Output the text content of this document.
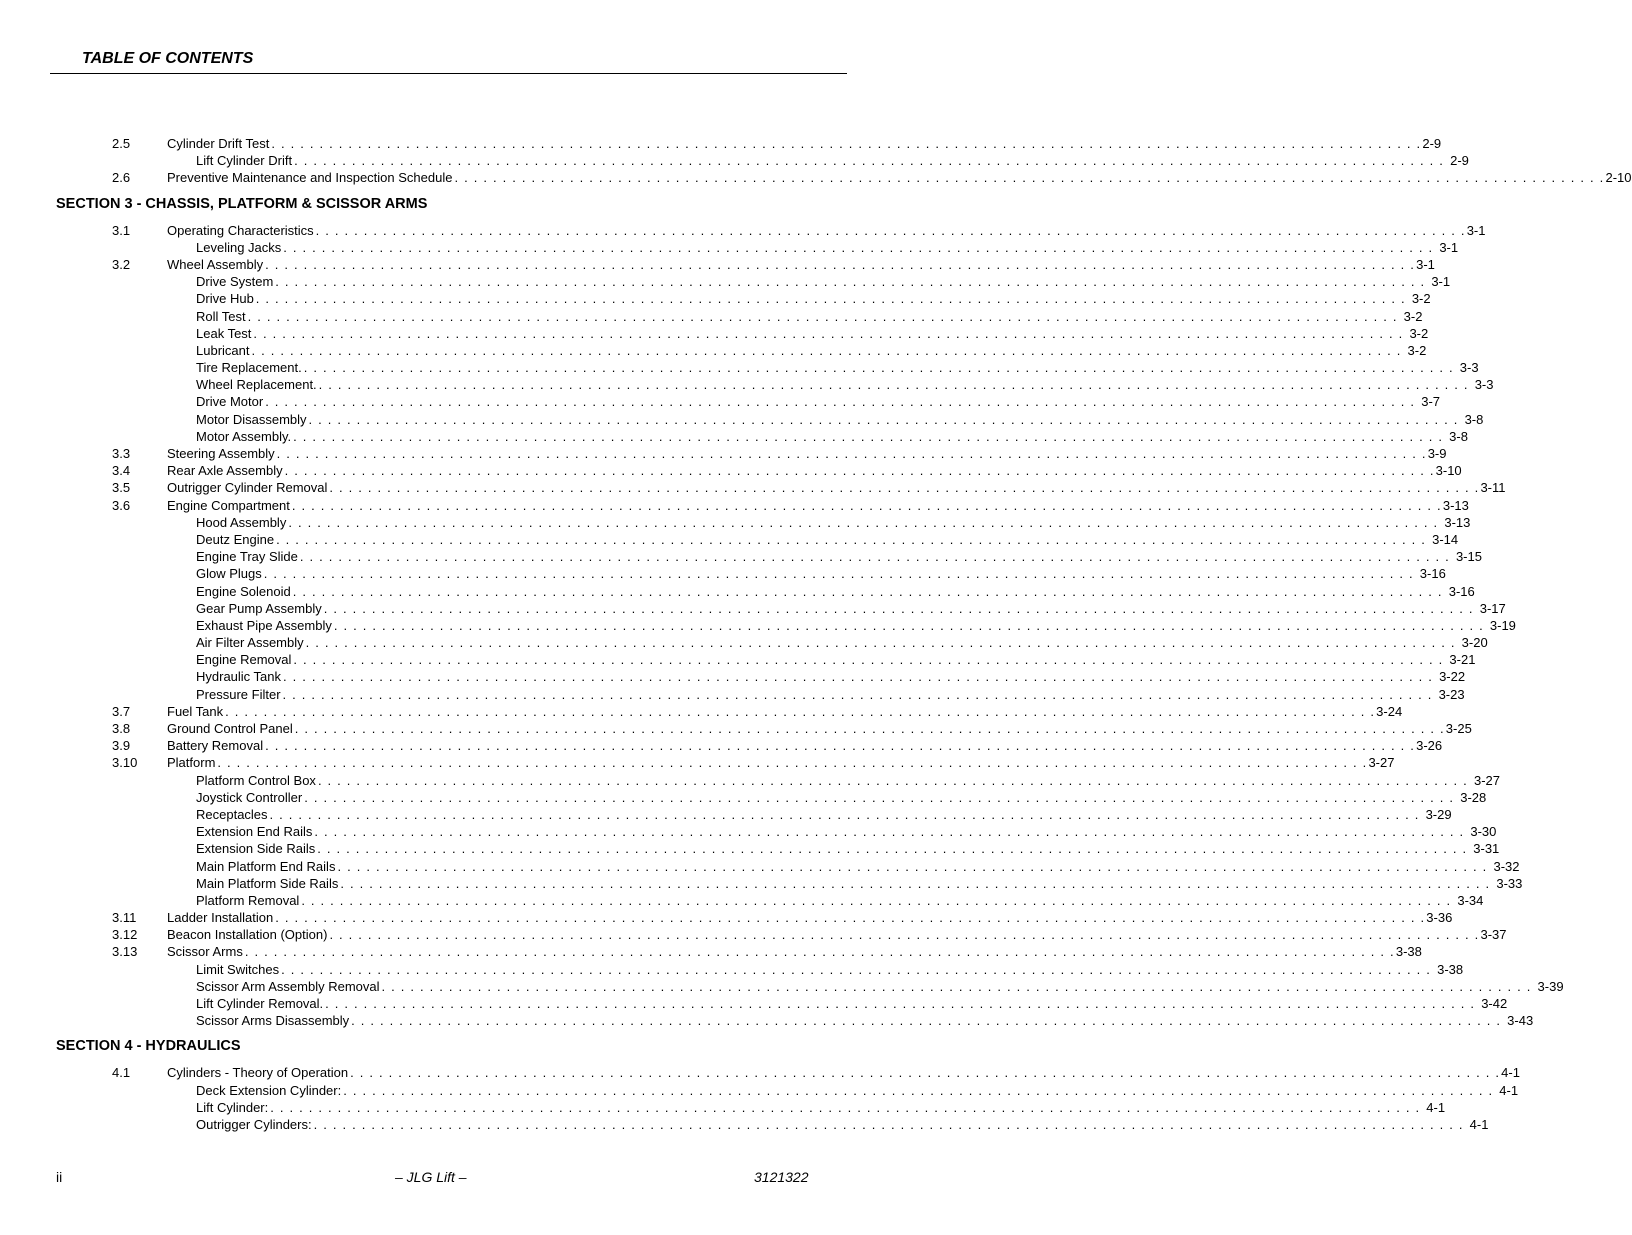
TABLE OF CONTENTS
2.5	Cylinder Drift Test . . . . . . . . . . . . . . . . . . . . . . . . . . . . . . . . . . . . . . . . . . . . . . . . . . . . . . . . . . . . . . . . . . . . . . . . . . . . . . . . . . . . . . . . . . . . . . . . . . . . . . . . . . . . . . . . . . . . . . . . 2-9
Lift Cylinder Drift . . . . . . . . . . . . . . . . . . . . . . . . . . . . . . . . . . . . . . . . . . . . . . . . . . . . . . . . . . . . . . . . . . . . . . . . . . . . . . . . . . . . . . . . . . . . . . . . . . . . . . . . . . . . . . . . . . . . . . . . 2-9
2.6	Preventive Maintenance and Inspection Schedule . . . . . . . . . . . . . . . . . . . . . . . . . . . . . . . . . . . . . . . . . . . . . . . . . . . . . . . . . . . . . . . . . . . . . . . . . . . . . . . . . . . . . . . . . . . . . . . . . . . . . . . . . . . . . . . . . . . . . . . . 2-10
SECTION 3 - CHASSIS, PLATFORM & SCISSOR ARMS
3.1	Operating Characteristics . . . . . . . . . . . . . . . . . . . . . . . . . . . . . . . . . . . . . . . . . . . . . . . . . . . . . . . . . . . . . . . . . . . . . . . . . . . . . . . . . . . . . . . . . . . . . . . . . . . . . . . . . . . . . . . . . . . . . . . . 3-1
Leveling Jacks . . . . . . . . . . . . . . . . . . . . . . . . . . . . . . . . . . . . . . . . . . . . . . . . . . . . . . . . . . . . . . . . . . . . . . . . . . . . . . . . . . . . . . . . . . . . . . . . . . . . . . . . . . . . . . . . . . . . . . . . 3-1
3.2	Wheel Assembly . . . . . . . . . . . . . . . . . . . . . . . . . . . . . . . . . . . . . . . . . . . . . . . . . . . . . . . . . . . . . . . . . . . . . . . . . . . . . . . . . . . . . . . . . . . . . . . . . . . . . . . . . . . . . . . . . . . . . . . . 3-1
Drive System . . . . . . . . . . . . . . . . . . . . . . . . . . . . . . . . . . . . . . . . . . . . . . . . . . . . . . . . . . . . . . . . . . . . . . . . . . . . . . . . . . . . . . . . . . . . . . . . . . . . . . . . . . . . . . . . . . . . . . . . 3-1
Drive Hub . . . . . . . . . . . . . . . . . . . . . . . . . . . . . . . . . . . . . . . . . . . . . . . . . . . . . . . . . . . . . . . . . . . . . . . . . . . . . . . . . . . . . . . . . . . . . . . . . . . . . . . . . . . . . . . . . . . . . . . . 3-2
Roll Test . . . . . . . . . . . . . . . . . . . . . . . . . . . . . . . . . . . . . . . . . . . . . . . . . . . . . . . . . . . . . . . . . . . . . . . . . . . . . . . . . . . . . . . . . . . . . . . . . . . . . . . . . . . . . . . . . . . . . . . . 3-2
Leak Test . . . . . . . . . . . . . . . . . . . . . . . . . . . . . . . . . . . . . . . . . . . . . . . . . . . . . . . . . . . . . . . . . . . . . . . . . . . . . . . . . . . . . . . . . . . . . . . . . . . . . . . . . . . . . . . . . . . . . . . . 3-2
Lubricant . . . . . . . . . . . . . . . . . . . . . . . . . . . . . . . . . . . . . . . . . . . . . . . . . . . . . . . . . . . . . . . . . . . . . . . . . . . . . . . . . . . . . . . . . . . . . . . . . . . . . . . . . . . . . . . . . . . . . . . . 3-2
Tire Replacement. . . . . . . . . . . . . . . . . . . . . . . . . . . . . . . . . . . . . . . . . . . . . . . . . . . . . . . . . . . . . . . . . . . . . . . . . . . . . . . . . . . . . . . . . . . . . . . . . . . . . . . . . . . . . . . . . . . . . . . . . 3-3
Wheel Replacement. . . . . . . . . . . . . . . . . . . . . . . . . . . . . . . . . . . . . . . . . . . . . . . . . . . . . . . . . . . . . . . . . . . . . . . . . . . . . . . . . . . . . . . . . . . . . . . . . . . . . . . . . . . . . . . . . . . . . . . . . 3-3
Drive Motor . . . . . . . . . . . . . . . . . . . . . . . . . . . . . . . . . . . . . . . . . . . . . . . . . . . . . . . . . . . . . . . . . . . . . . . . . . . . . . . . . . . . . . . . . . . . . . . . . . . . . . . . . . . . . . . . . . . . . . . . 3-7
Motor Disassembly . . . . . . . . . . . . . . . . . . . . . . . . . . . . . . . . . . . . . . . . . . . . . . . . . . . . . . . . . . . . . . . . . . . . . . . . . . . . . . . . . . . . . . . . . . . . . . . . . . . . . . . . . . . . . . . . . . . . . . . . 3-8
Motor Assembly. . . . . . . . . . . . . . . . . . . . . . . . . . . . . . . . . . . . . . . . . . . . . . . . . . . . . . . . . . . . . . . . . . . . . . . . . . . . . . . . . . . . . . . . . . . . . . . . . . . . . . . . . . . . . . . . . . . . . . . . . 3-8
3.3	Steering Assembly . . . . . . . . . . . . . . . . . . . . . . . . . . . . . . . . . . . . . . . . . . . . . . . . . . . . . . . . . . . . . . . . . . . . . . . . . . . . . . . . . . . . . . . . . . . . . . . . . . . . . . . . . . . . . . . . . . . . . . . . 3-9
3.4	Rear Axle Assembly . . . . . . . . . . . . . . . . . . . . . . . . . . . . . . . . . . . . . . . . . . . . . . . . . . . . . . . . . . . . . . . . . . . . . . . . . . . . . . . . . . . . . . . . . . . . . . . . . . . . . . . . . . . . . . . . . . . . . . . . 3-10
3.5	Outrigger Cylinder Removal . . . . . . . . . . . . . . . . . . . . . . . . . . . . . . . . . . . . . . . . . . . . . . . . . . . . . . . . . . . . . . . . . . . . . . . . . . . . . . . . . . . . . . . . . . . . . . . . . . . . . . . . . . . . . . . . . . . . . . . . 3-11
3.6	Engine Compartment . . . . . . . . . . . . . . . . . . . . . . . . . . . . . . . . . . . . . . . . . . . . . . . . . . . . . . . . . . . . . . . . . . . . . . . . . . . . . . . . . . . . . . . . . . . . . . . . . . . . . . . . . . . . . . . . . . . . . . . . 3-13
Hood Assembly . . . . . . . . . . . . . . . . . . . . . . . . . . . . . . . . . . . . . . . . . . . . . . . . . . . . . . . . . . . . . . . . . . . . . . . . . . . . . . . . . . . . . . . . . . . . . . . . . . . . . . . . . . . . . . . . . . . . . . . . 3-13
Deutz Engine . . . . . . . . . . . . . . . . . . . . . . . . . . . . . . . . . . . . . . . . . . . . . . . . . . . . . . . . . . . . . . . . . . . . . . . . . . . . . . . . . . . . . . . . . . . . . . . . . . . . . . . . . . . . . . . . . . . . . . . . 3-14
Engine Tray Slide . . . . . . . . . . . . . . . . . . . . . . . . . . . . . . . . . . . . . . . . . . . . . . . . . . . . . . . . . . . . . . . . . . . . . . . . . . . . . . . . . . . . . . . . . . . . . . . . . . . . . . . . . . . . . . . . . . . . . . . . 3-15
Glow Plugs . . . . . . . . . . . . . . . . . . . . . . . . . . . . . . . . . . . . . . . . . . . . . . . . . . . . . . . . . . . . . . . . . . . . . . . . . . . . . . . . . . . . . . . . . . . . . . . . . . . . . . . . . . . . . . . . . . . . . . . . 3-16
Engine Solenoid . . . . . . . . . . . . . . . . . . . . . . . . . . . . . . . . . . . . . . . . . . . . . . . . . . . . . . . . . . . . . . . . . . . . . . . . . . . . . . . . . . . . . . . . . . . . . . . . . . . . . . . . . . . . . . . . . . . . . . . . 3-16
Gear Pump Assembly . . . . . . . . . . . . . . . . . . . . . . . . . . . . . . . . . . . . . . . . . . . . . . . . . . . . . . . . . . . . . . . . . . . . . . . . . . . . . . . . . . . . . . . . . . . . . . . . . . . . . . . . . . . . . . . . . . . . . . . . 3-17
Exhaust Pipe Assembly . . . . . . . . . . . . . . . . . . . . . . . . . . . . . . . . . . . . . . . . . . . . . . . . . . . . . . . . . . . . . . . . . . . . . . . . . . . . . . . . . . . . . . . . . . . . . . . . . . . . . . . . . . . . . . . . . . . . . . . . 3-19
Air Filter Assembly . . . . . . . . . . . . . . . . . . . . . . . . . . . . . . . . . . . . . . . . . . . . . . . . . . . . . . . . . . . . . . . . . . . . . . . . . . . . . . . . . . . . . . . . . . . . . . . . . . . . . . . . . . . . . . . . . . . . . . . . 3-20
Engine Removal . . . . . . . . . . . . . . . . . . . . . . . . . . . . . . . . . . . . . . . . . . . . . . . . . . . . . . . . . . . . . . . . . . . . . . . . . . . . . . . . . . . . . . . . . . . . . . . . . . . . . . . . . . . . . . . . . . . . . . . . 3-21
Hydraulic Tank . . . . . . . . . . . . . . . . . . . . . . . . . . . . . . . . . . . . . . . . . . . . . . . . . . . . . . . . . . . . . . . . . . . . . . . . . . . . . . . . . . . . . . . . . . . . . . . . . . . . . . . . . . . . . . . . . . . . . . . . 3-22
Pressure Filter . . . . . . . . . . . . . . . . . . . . . . . . . . . . . . . . . . . . . . . . . . . . . . . . . . . . . . . . . . . . . . . . . . . . . . . . . . . . . . . . . . . . . . . . . . . . . . . . . . . . . . . . . . . . . . . . . . . . . . . . 3-23
3.7	Fuel Tank . . . . . . . . . . . . . . . . . . . . . . . . . . . . . . . . . . . . . . . . . . . . . . . . . . . . . . . . . . . . . . . . . . . . . . . . . . . . . . . . . . . . . . . . . . . . . . . . . . . . . . . . . . . . . . . . . . . . . . . . 3-24
3.8	Ground Control Panel . . . . . . . . . . . . . . . . . . . . . . . . . . . . . . . . . . . . . . . . . . . . . . . . . . . . . . . . . . . . . . . . . . . . . . . . . . . . . . . . . . . . . . . . . . . . . . . . . . . . . . . . . . . . . . . . . . . . . . . . 3-25
3.9	Battery Removal . . . . . . . . . . . . . . . . . . . . . . . . . . . . . . . . . . . . . . . . . . . . . . . . . . . . . . . . . . . . . . . . . . . . . . . . . . . . . . . . . . . . . . . . . . . . . . . . . . . . . . . . . . . . . . . . . . . . . . . . 3-26
3.10 Platform . . . . . . . . . . . . . . . . . . . . . . . . . . . . . . . . . . . . . . . . . . . . . . . . . . . . . . . . . . . . . . . . . . . . . . . . . . . . . . . . . . . . . . . . . . . . . . . . . . . . . . . . . . . . . . . . . . . . . . . . 3-27
Platform Control Box . . . . . . . . . . . . . . . . . . . . . . . . . . . . . . . . . . . . . . . . . . . . . . . . . . . . . . . . . . . . . . . . . . . . . . . . . . . . . . . . . . . . . . . . . . . . . . . . . . . . . . . . . . . . . . . . . . . . . . . . 3-27
Joystick Controller . . . . . . . . . . . . . . . . . . . . . . . . . . . . . . . . . . . . . . . . . . . . . . . . . . . . . . . . . . . . . . . . . . . . . . . . . . . . . . . . . . . . . . . . . . . . . . . . . . . . . . . . . . . . . . . . . . . . . . . . 3-28
Receptacles . . . . . . . . . . . . . . . . . . . . . . . . . . . . . . . . . . . . . . . . . . . . . . . . . . . . . . . . . . . . . . . . . . . . . . . . . . . . . . . . . . . . . . . . . . . . . . . . . . . . . . . . . . . . . . . . . . . . . . . . 3-29
Extension End Rails . . . . . . . . . . . . . . . . . . . . . . . . . . . . . . . . . . . . . . . . . . . . . . . . . . . . . . . . . . . . . . . . . . . . . . . . . . . . . . . . . . . . . . . . . . . . . . . . . . . . . . . . . . . . . . . . . . . . . . . . 3-30
Extension Side Rails . . . . . . . . . . . . . . . . . . . . . . . . . . . . . . . . . . . . . . . . . . . . . . . . . . . . . . . . . . . . . . . . . . . . . . . . . . . . . . . . . . . . . . . . . . . . . . . . . . . . . . . . . . . . . . . . . . . . . . . . 3-31
Main Platform End Rails . . . . . . . . . . . . . . . . . . . . . . . . . . . . . . . . . . . . . . . . . . . . . . . . . . . . . . . . . . . . . . . . . . . . . . . . . . . . . . . . . . . . . . . . . . . . . . . . . . . . . . . . . . . . . . . . . . . . . . . . 3-32
Main Platform Side Rails . . . . . . . . . . . . . . . . . . . . . . . . . . . . . . . . . . . . . . . . . . . . . . . . . . . . . . . . . . . . . . . . . . . . . . . . . . . . . . . . . . . . . . . . . . . . . . . . . . . . . . . . . . . . . . . . . . . . . . . . 3-33
Platform Removal . . . . . . . . . . . . . . . . . . . . . . . . . . . . . . . . . . . . . . . . . . . . . . . . . . . . . . . . . . . . . . . . . . . . . . . . . . . . . . . . . . . . . . . . . . . . . . . . . . . . . . . . . . . . . . . . . . . . . . . . 3-34
3.11 Ladder Installation . . . . . . . . . . . . . . . . . . . . . . . . . . . . . . . . . . . . . . . . . . . . . . . . . . . . . . . . . . . . . . . . . . . . . . . . . . . . . . . . . . . . . . . . . . . . . . . . . . . . . . . . . . . . . . . . . . . . . . . . 3-36
3.12 Beacon Installation (Option) . . . . . . . . . . . . . . . . . . . . . . . . . . . . . . . . . . . . . . . . . . . . . . . . . . . . . . . . . . . . . . . . . . . . . . . . . . . . . . . . . . . . . . . . . . . . . . . . . . . . . . . . . . . . . . . . . . . . . . . . 3-37
3.13 Scissor Arms . . . . . . . . . . . . . . . . . . . . . . . . . . . . . . . . . . . . . . . . . . . . . . . . . . . . . . . . . . . . . . . . . . . . . . . . . . . . . . . . . . . . . . . . . . . . . . . . . . . . . . . . . . . . . . . . . . . . . . . . 3-38
Limit Switches . . . . . . . . . . . . . . . . . . . . . . . . . . . . . . . . . . . . . . . . . . . . . . . . . . . . . . . . . . . . . . . . . . . . . . . . . . . . . . . . . . . . . . . . . . . . . . . . . . . . . . . . . . . . . . . . . . . . . . . . 3-38
Scissor Arm Assembly Removal . . . . . . . . . . . . . . . . . . . . . . . . . . . . . . . . . . . . . . . . . . . . . . . . . . . . . . . . . . . . . . . . . . . . . . . . . . . . . . . . . . . . . . . . . . . . . . . . . . . . . . . . . . . . . . . . . . . . . . . . 3-39
Lift Cylinder Removal. . . . . . . . . . . . . . . . . . . . . . . . . . . . . . . . . . . . . . . . . . . . . . . . . . . . . . . . . . . . . . . . . . . . . . . . . . . . . . . . . . . . . . . . . . . . . . . . . . . . . . . . . . . . . . . . . . . . . . . . . 3-42
Scissor Arms Disassembly . . . . . . . . . . . . . . . . . . . . . . . . . . . . . . . . . . . . . . . . . . . . . . . . . . . . . . . . . . . . . . . . . . . . . . . . . . . . . . . . . . . . . . . . . . . . . . . . . . . . . . . . . . . . . . . . . . . . . . . . 3-43
SECTION 4 - HYDRAULICS
4.1	Cylinders - Theory of Operation . . . . . . . . . . . . . . . . . . . . . . . . . . . . . . . . . . . . . . . . . . . . . . . . . . . . . . . . . . . . . . . . . . . . . . . . . . . . . . . . . . . . . . . . . . . . . . . . . . . . . . . . . . . . . . . . . . . . . . . . 4-1
Deck Extension Cylinder: . . . . . . . . . . . . . . . . . . . . . . . . . . . . . . . . . . . . . . . . . . . . . . . . . . . . . . . . . . . . . . . . . . . . . . . . . . . . . . . . . . . . . . . . . . . . . . . . . . . . . . . . . . . . . . . . . . . . . . . . 4-1
Lift Cylinder: . . . . . . . . . . . . . . . . . . . . . . . . . . . . . . . . . . . . . . . . . . . . . . . . . . . . . . . . . . . . . . . . . . . . . . . . . . . . . . . . . . . . . . . . . . . . . . . . . . . . . . . . . . . . . . . . . . . . . . . . 4-1
Outrigger Cylinders: . . . . . . . . . . . . . . . . . . . . . . . . . . . . . . . . . . . . . . . . . . . . . . . . . . . . . . . . . . . . . . . . . . . . . . . . . . . . . . . . . . . . . . . . . . . . . . . . . . . . . . . . . . . . . . . . . . . . . . . . 4-1
ii	– JLG Lift –	3121322
